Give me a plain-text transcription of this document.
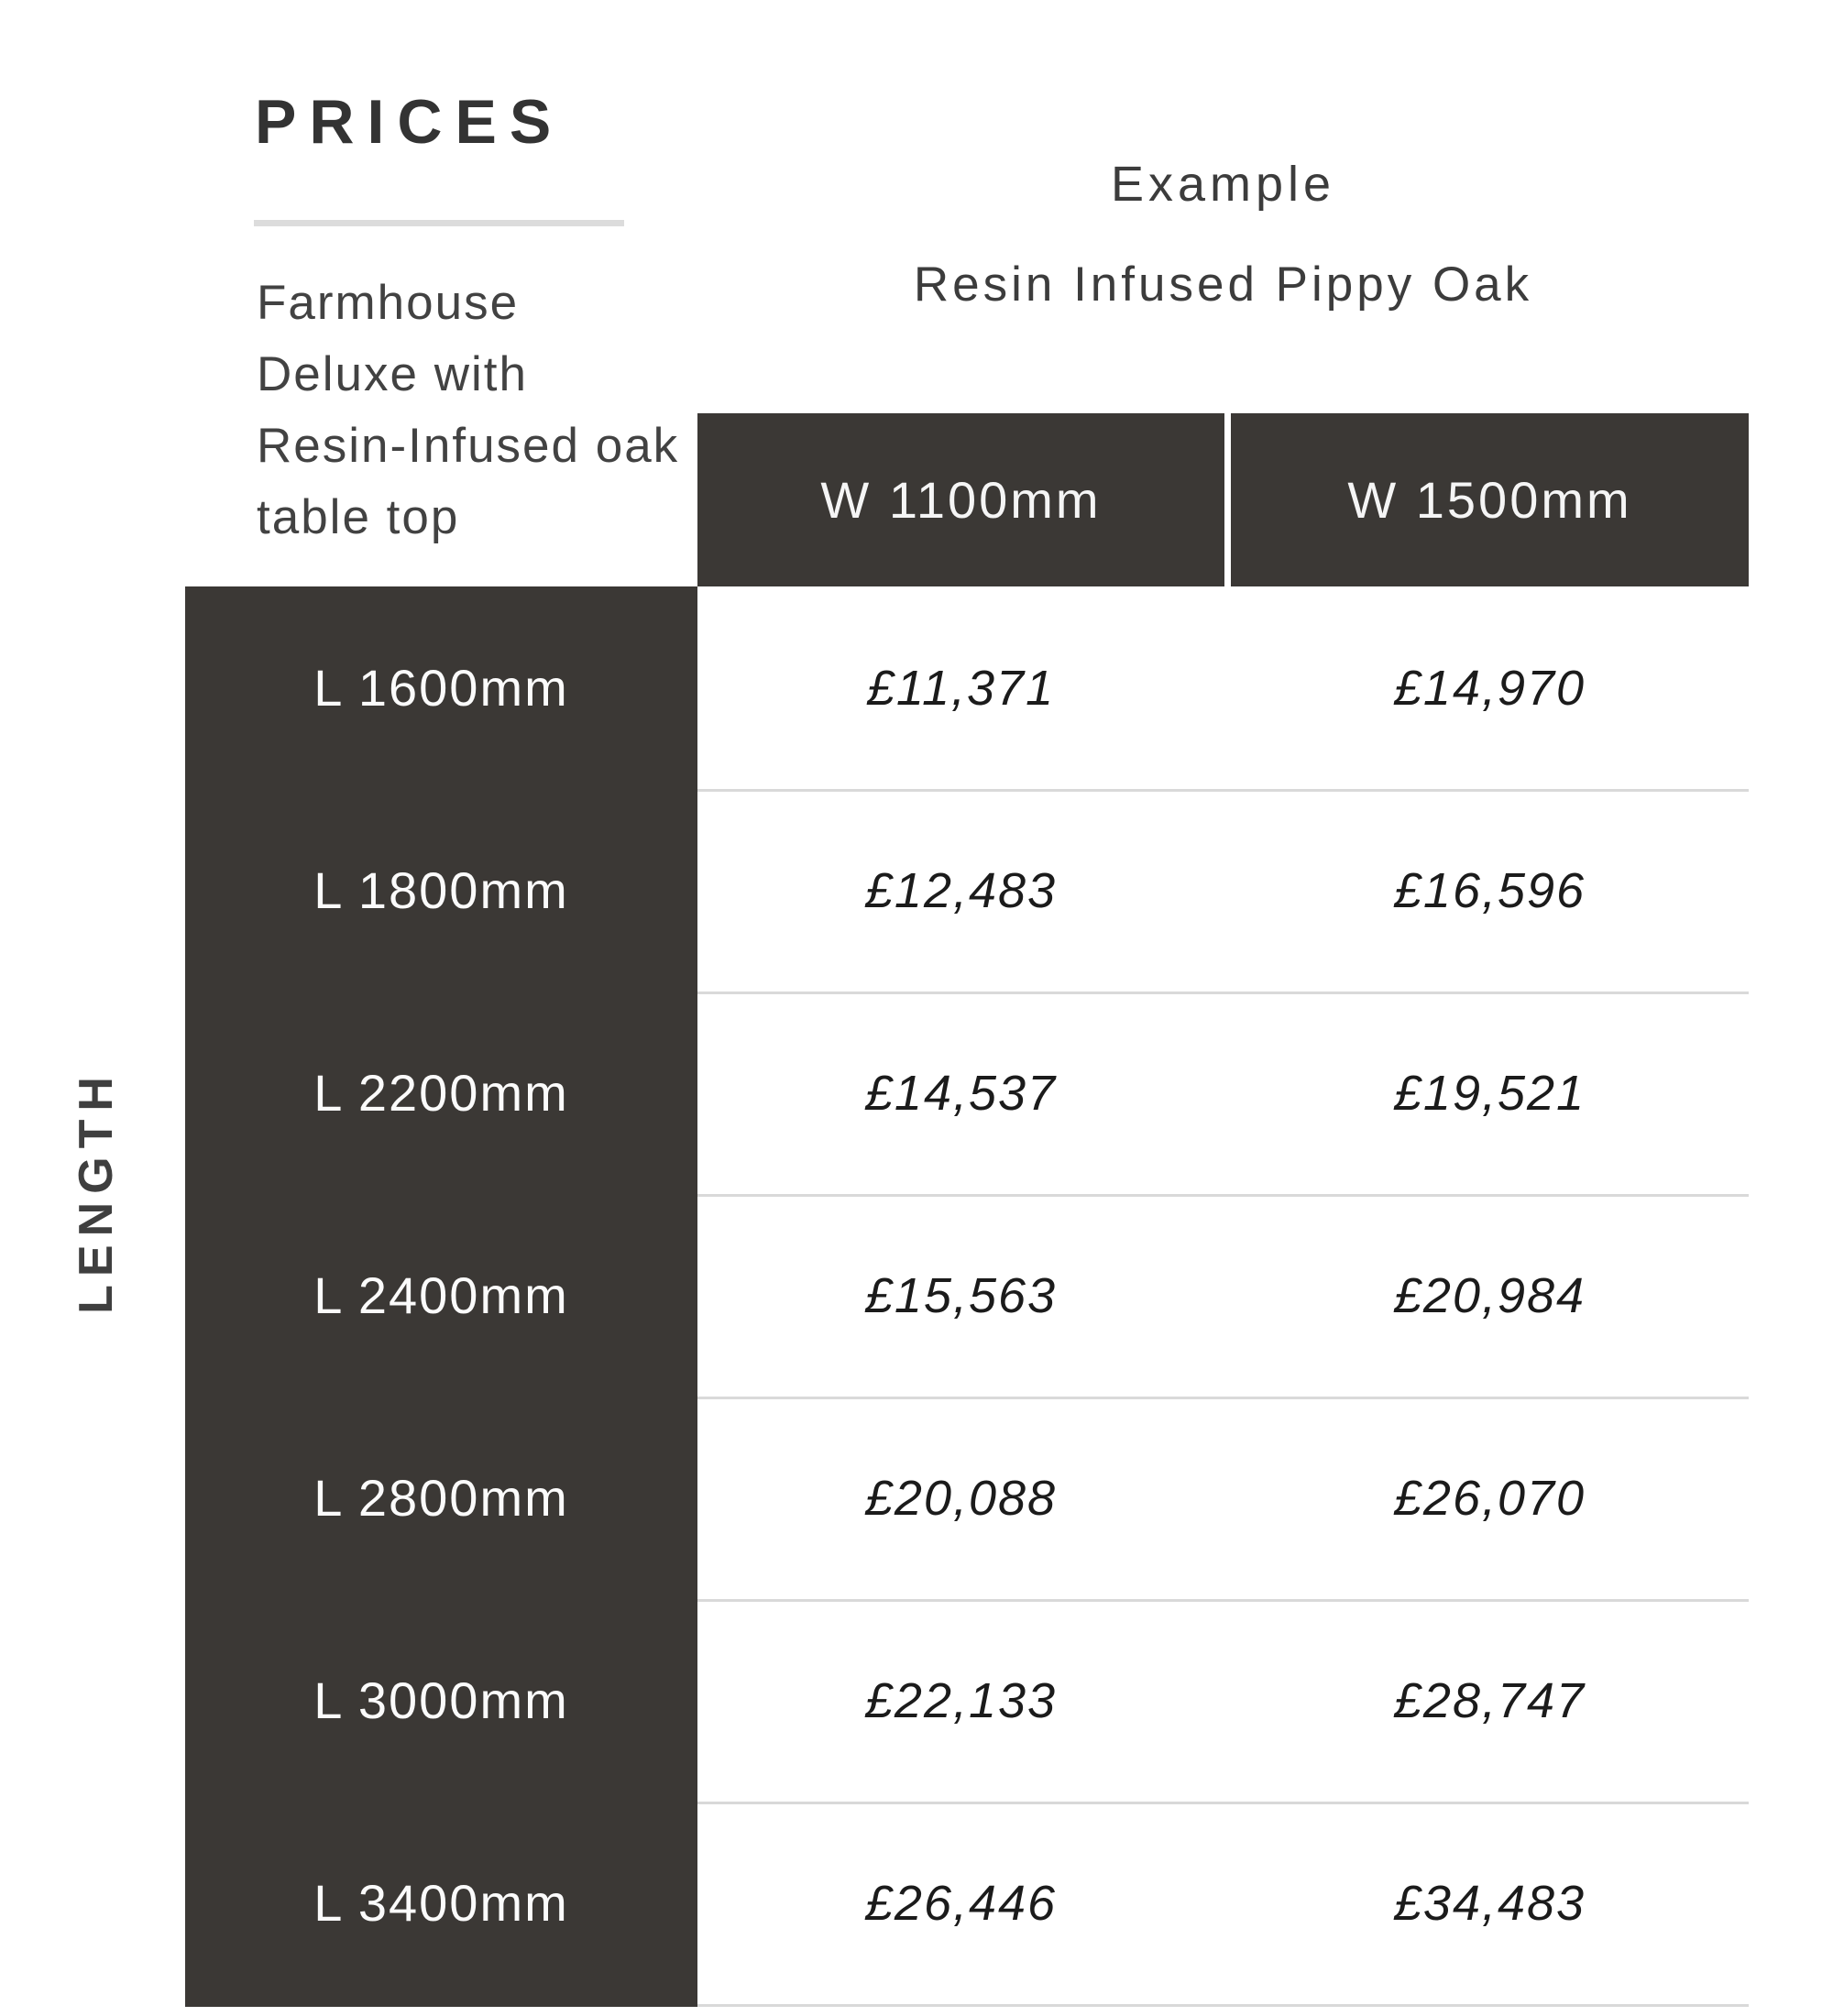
PRICES
Example
Resin Infused Pippy Oak
Farmhouse
Deluxe with
Resin-Infused oak
table top
LENGTH
W 1100mm	W 1500mm
L 1600mm	£11,371	£14,970
L 1800mm	£12,483	£16,596
L 2200mm	£14,537	£19,521
L 2400mm	£15,563	£20,984
L 2800mm	£20,088	£26,070
L 3000mm	£22,133	£28,747
L 3400mm	£26,446	£34,483
